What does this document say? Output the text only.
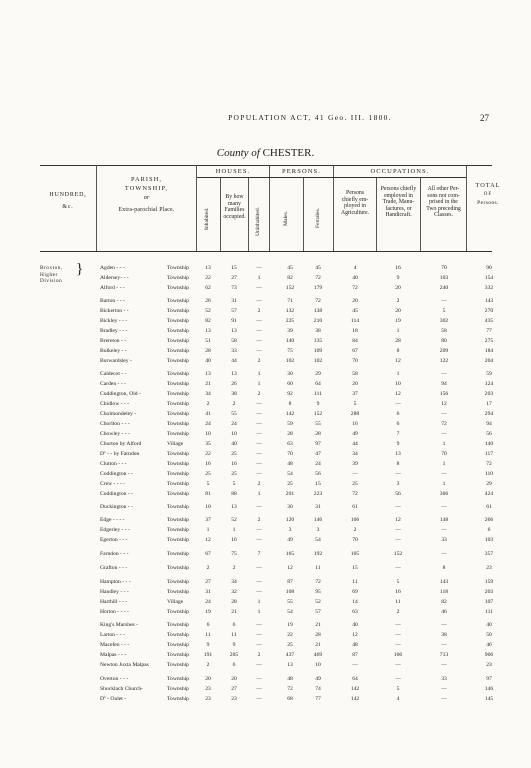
POPULATION ACT, 41 Geo. III. 1800.	27
County of CHESTER.
HUNDRED,
&c.
PARISH,
TOWNSHIP,
or
Extra-parochial Place.
HOUSES.	PERSONS.	OCCUPATIONS.
Inhabited.
By how
many
Families
occupied.	Uninhabited.	Males.	Females.
Persons
chiefly em-
ployed in
Agriculture.
Persons chiefly
employed in
Trade, Manu-
factures, or
Handicraft.
All other Per-
sons not com-
prised in the
Two preceding
Classes.
TOTAL
OF
Persons.
Broxton,
Higher
Division
}	Agden - - -	Township	13	15	—	45	45	4	16	70	90
Aldersey- - -	Township	22	27	1	82	72	40	9	103	154
Alford - - -	Township	62	73	—	152	179	72	20	240	332
Barton - - -	Township	26	31	—	71	72	20	2	—	143
Bickerton - -	Township	52	57	2	132	138	45	20	5	270
Bickley - - -	Township	82	91	—	225	210	114	19	302	435
Bradley - - -	Township	13	13	—	39	38	18	1	58	77
Brereton - -	Township	51	58	—	140	135	84	28	80	275
Bulkeley - -	Township	28	33	—	75	109	67	8	209	184
Burwardsley -	Township	40	44	2	102	102	70	12	122	204
Caldecot - -	Township	13	13	1	30	29	58	1	—	59
Carden - - -	Township	21	26	1	60	64	20	10	94	124
Cuddington, Old -	Township	34	38	2	92	111	37	12	156	203
Chidlow - - -	Township	2	2	—	8	9	5	—	12	17
Cholmondeley -	Township	41	55	—	142	152	288	6	—	294
Chorlton - - -	Township	24	24	—	59	55	16	6	72	94
Chowley - - -	Township	10	10	—	28	28	49	7	—	56
Churton by Alford	Village	35	40	—	63	97	44	9	1	140
Dº - - by Farndon	Township	22	25	—	70	47	34	13	70	117
Clutton - - -	Township	16	16	—	48	24	39	8	1	72
Coddington - -	Township	25	25	—	54	56	—	—	—	110
Crew - - - -	Township	5	5	2	25	15	25	3	1	29
Cuddington - -	Township	81	88	1	201	223	72	56	306	424
Duckington - -	Township	10	13	—	30	31	61	—	—	61
Edge - - - -	Township	37	52	2	120	146	106	12	148	266
Edgerley - - -	Township	1	1	—	3	3	2	—	—	6
Egerton - - -	Township	12	16	—	49	54	70	—	33	103
Farndon - - -	Township	67	75	7	165	192	105	152	—	357
Grafton - - -	Township	2	2	—	12	11	15	—	8	23
Hampton - - -	Township	27	34	—	87	72	11	5	143	159
Handley - - -	Township	31	32	—	108	95	69	16	118	203
Harthill - - -	Village	24	28	1	55	52	14	11	82	107
Horton - - - -	Township	19	21	1	54	57	63	2	46	111
King's Marshes -	Township	6	6	—	19	21	40	—	—	40
Larton - - -	Township	11	11	—	22	28	12	—	38	50
Macefen - - -	Township	9	9	—	25	21	48	—	—	46
Malpas - - -	Township	191	205	2	437	469	87	106	713	906
Newton Juxta Malpas	Township	2	6	—	13	10	—	—	—	23
Overton - - -	Township	20	20	—	48	49	64	—	33	97
Shocklach Church-	Township	23	27	—	72	74	142	5	—	146
Dº - Oulet -	Township	23	23	—	68	77	142	4	—	145
